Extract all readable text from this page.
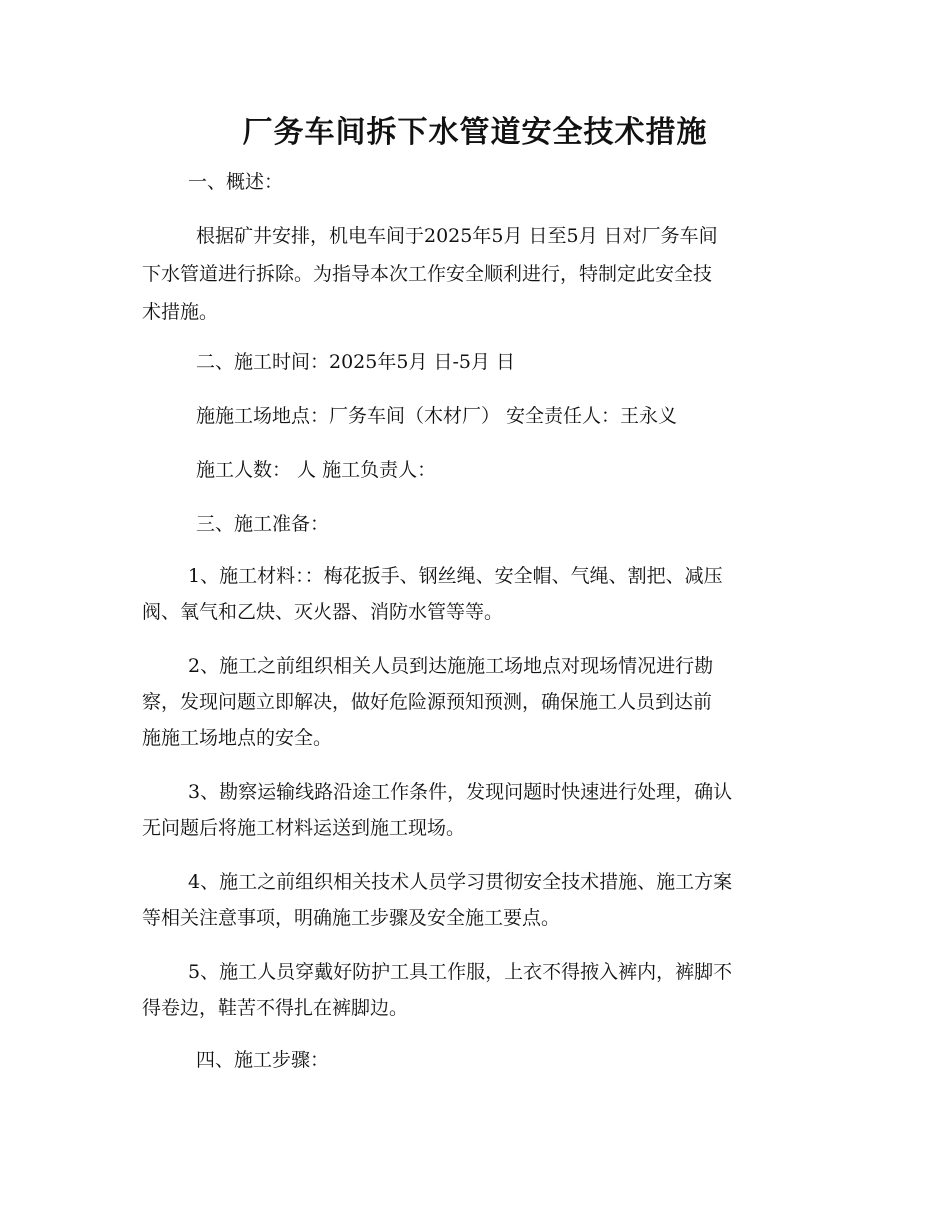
厂务车间拆下水管道安全技术措施

一、概述：

根据矿井安排，机电车间于2025年5月 日至5月 日对厂务车间

下水管道进行拆除。为指导本次工作安全顺利进行，特制定此安全技

术措施。

二、施工时间：2025年5月 日-5月 日

施施工场地点：厂务车间（木材厂） 安全责任人：王永义

施工人数： 人 施工负责人：

三、施工准备：

1、施工材料：：梅花扳手、钢丝绳、安全帽、气绳、割把、减压

阀、氧气和乙炔、灭火器、消防水管等等。

2、施工之前组织相关人员到达施施工场地点对现场情况进行勘

察，发现问题立即解决，做好危险源预知预测，确保施工人员到达前

施施工场地点的安全。

3、勘察运输线路沿途工作条件，发现问题时快速进行处理，确认

无问题后将施工材料运送到施工现场。

4、施工之前组织相关技术人员学习贯彻安全技术措施、施工方案

等相关注意事项，明确施工步骤及安全施工要点。

5、施工人员穿戴好防护工具工作服，上衣不得掖入裤内，裤脚不

得卷边，鞋苦不得扎在裤脚边。

四、施工步骤：
